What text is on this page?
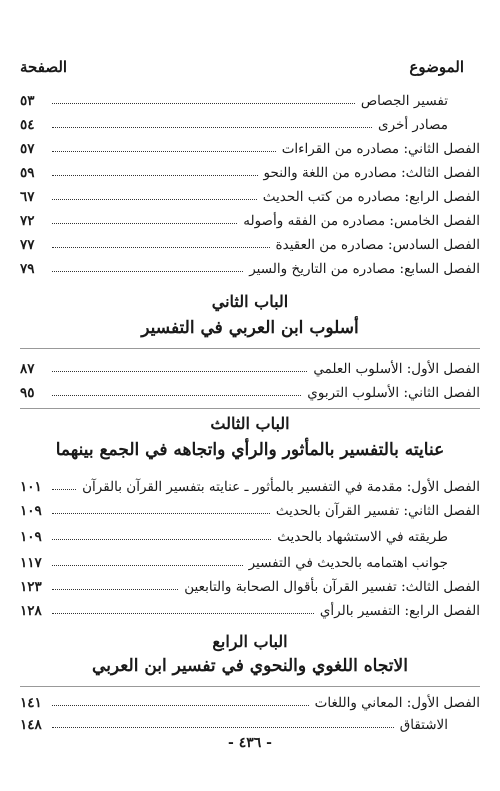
الموضوع
الصفحة
تفسير الجصاص
٥٣
مصادر أخرى
٥٤
الفصل الثاني: مصادره من القراءات
٥٧
الفصل الثالث: مصادره من اللغة والنحو
٥٩
الفصل الرابع: مصادره من كتب الحديث
٦٧
الفصل الخامس: مصادره من الفقه وأصوله
٧٢
الفصل السادس: مصادره من العقيدة
٧٧
الفصل السابع: مصادره من التاريخ والسير
٧٩
الباب الثاني
أسلوب ابن العربي في التفسير
الفصل الأول: الأسلوب العلمي
٨٧
الفصل الثاني: الأسلوب التربوي
٩٥
الباب الثالث
عنايته بالتفسير بالمأثور والرأي واتجاهه في الجمع بينهما
الفصل الأول: مقدمة في التفسير بالمأثور ـ عنايته بتفسير القرآن بالقرآن
١٠١
الفصل الثاني: تفسير القرآن بالحديث
١٠٩
طريقته في الاستشهاد بالحديث
١٠٩
جوانب اهتمامه بالحديث في التفسير
١١٧
الفصل الثالث: تفسير القرآن بأقوال الصحابة والتابعين
١٢٣
الفصل الرابع: التفسير بالرأي
١٢٨
الباب الرابع
الاتجاه اللغوي والنحوي في تفسير ابن العربي
الفصل الأول: المعاني واللغات
١٤١
الاشتقاق
١٤٨
- ٤٣٦ -
